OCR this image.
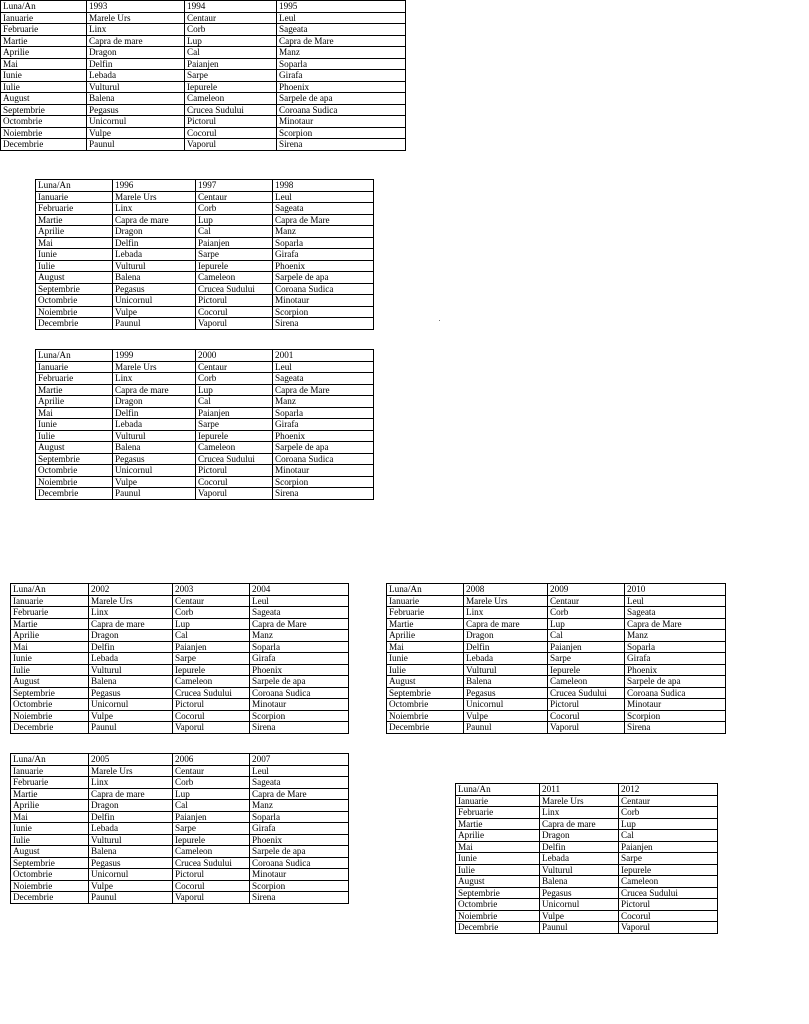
Luna/An	1993	1994	1995
Ianuarie	Marele Urs	Centaur	Leul
Februarie	Linx	Corb	Sageata
Martie	Capra de mare	Lup	Capra de Mare
Aprilie	Dragon	Cal	Manz
Mai	Delfin	Paianjen	Soparla
Iunie	Lebada	Sarpe	Girafa
Iulie	Vulturul	Iepurele	Phoenix
August	Balena	Cameleon	Sarpele de apa
Septembrie	Pegasus	Crucea Sudului	Coroana Sudica
Octombrie	Unicornul	Pictorul	Minotaur
Noiembrie	Vulpe	Cocorul	Scorpion
Decembrie	Paunul	Vaporul	Sirena
Luna/An	1996	1997	1998
Ianuarie	Marele Urs	Centaur	Leul
Februarie	Linx	Corb	Sageata
Martie	Capra de mare	Lup	Capra de Mare
Aprilie	Dragon	Cal	Manz
Mai	Delfin	Paianjen	Soparla
Iunie	Lebada	Sarpe	Girafa
Iulie	Vulturul	Iepurele	Phoenix
August	Balena	Cameleon	Sarpele de apa
Septembrie	Pegasus	Crucea Sudului	Coroana Sudica
Octombrie	Unicornul	Pictorul	Minotaur
Noiembrie	Vulpe	Cocorul	Scorpion
Decembrie	Paunul	Vaporul	Sirena
Luna/An	1999	2000	2001
Ianuarie	Marele Urs	Centaur	Leul
Februarie	Linx	Corb	Sageata
Martie	Capra de mare	Lup	Capra de Mare
Aprilie	Dragon	Cal	Manz
Mai	Delfin	Paianjen	Soparla
Iunie	Lebada	Sarpe	Girafa
Iulie	Vulturul	Iepurele	Phoenix
August	Balena	Cameleon	Sarpele de apa
Septembrie	Pegasus	Crucea Sudului	Coroana Sudica
Octombrie	Unicornul	Pictorul	Minotaur
Noiembrie	Vulpe	Cocorul	Scorpion
Decembrie	Paunul	Vaporul	Sirena
Luna/An	2002	2003	2004
Ianuarie	Marele Urs	Centaur	Leul
Februarie	Linx	Corb	Sageata
Martie	Capra de mare	Lup	Capra de Mare
Aprilie	Dragon	Cal	Manz
Mai	Delfin	Paianjen	Soparla
Iunie	Lebada	Sarpe	Girafa
Iulie	Vulturul	Iepurele	Phoenix
August	Balena	Cameleon	Sarpele de apa
Septembrie	Pegasus	Crucea Sudului	Coroana Sudica
Octombrie	Unicornul	Pictorul	Minotaur
Noiembrie	Vulpe	Cocorul	Scorpion
Decembrie	Paunul	Vaporul	Sirena
Luna/An	2008	2009	2010
Ianuarie	Marele Urs	Centaur	Leul
Februarie	Linx	Corb	Sageata
Martie	Capra de mare	Lup	Capra de Mare
Aprilie	Dragon	Cal	Manz
Mai	Delfin	Paianjen	Soparla
Iunie	Lebada	Sarpe	Girafa
Iulie	Vulturul	Iepurele	Phoenix
August	Balena	Cameleon	Sarpele de apa
Septembrie	Pegasus	Crucea Sudului	Coroana Sudica
Octombrie	Unicornul	Pictorul	Minotaur
Noiembrie	Vulpe	Cocorul	Scorpion
Decembrie	Paunul	Vaporul	Sirena
Luna/An	2005	2006	2007
Ianuarie	Marele Urs	Centaur	Leul
Februarie	Linx	Corb	Sageata
Martie	Capra de mare	Lup	Capra de Mare
Aprilie	Dragon	Cal	Manz
Mai	Delfin	Paianjen	Soparla
Iunie	Lebada	Sarpe	Girafa
Iulie	Vulturul	Iepurele	Phoenix
August	Balena	Cameleon	Sarpele de apa
Septembrie	Pegasus	Crucea Sudului	Coroana Sudica
Octombrie	Unicornul	Pictorul	Minotaur
Noiembrie	Vulpe	Cocorul	Scorpion
Decembrie	Paunul	Vaporul	Sirena
Luna/An	2011	2012
Ianuarie	Marele Urs	Centaur
Februarie	Linx	Corb
Martie	Capra de mare	Lup
Aprilie	Dragon	Cal
Mai	Delfin	Paianjen
Iunie	Lebada	Sarpe
Iulie	Vulturul	Iepurele
August	Balena	Cameleon
Septembrie	Pegasus	Crucea Sudului
Octombrie	Unicornul	Pictorul
Noiembrie	Vulpe	Cocorul
Decembrie	Paunul	Vaporul
